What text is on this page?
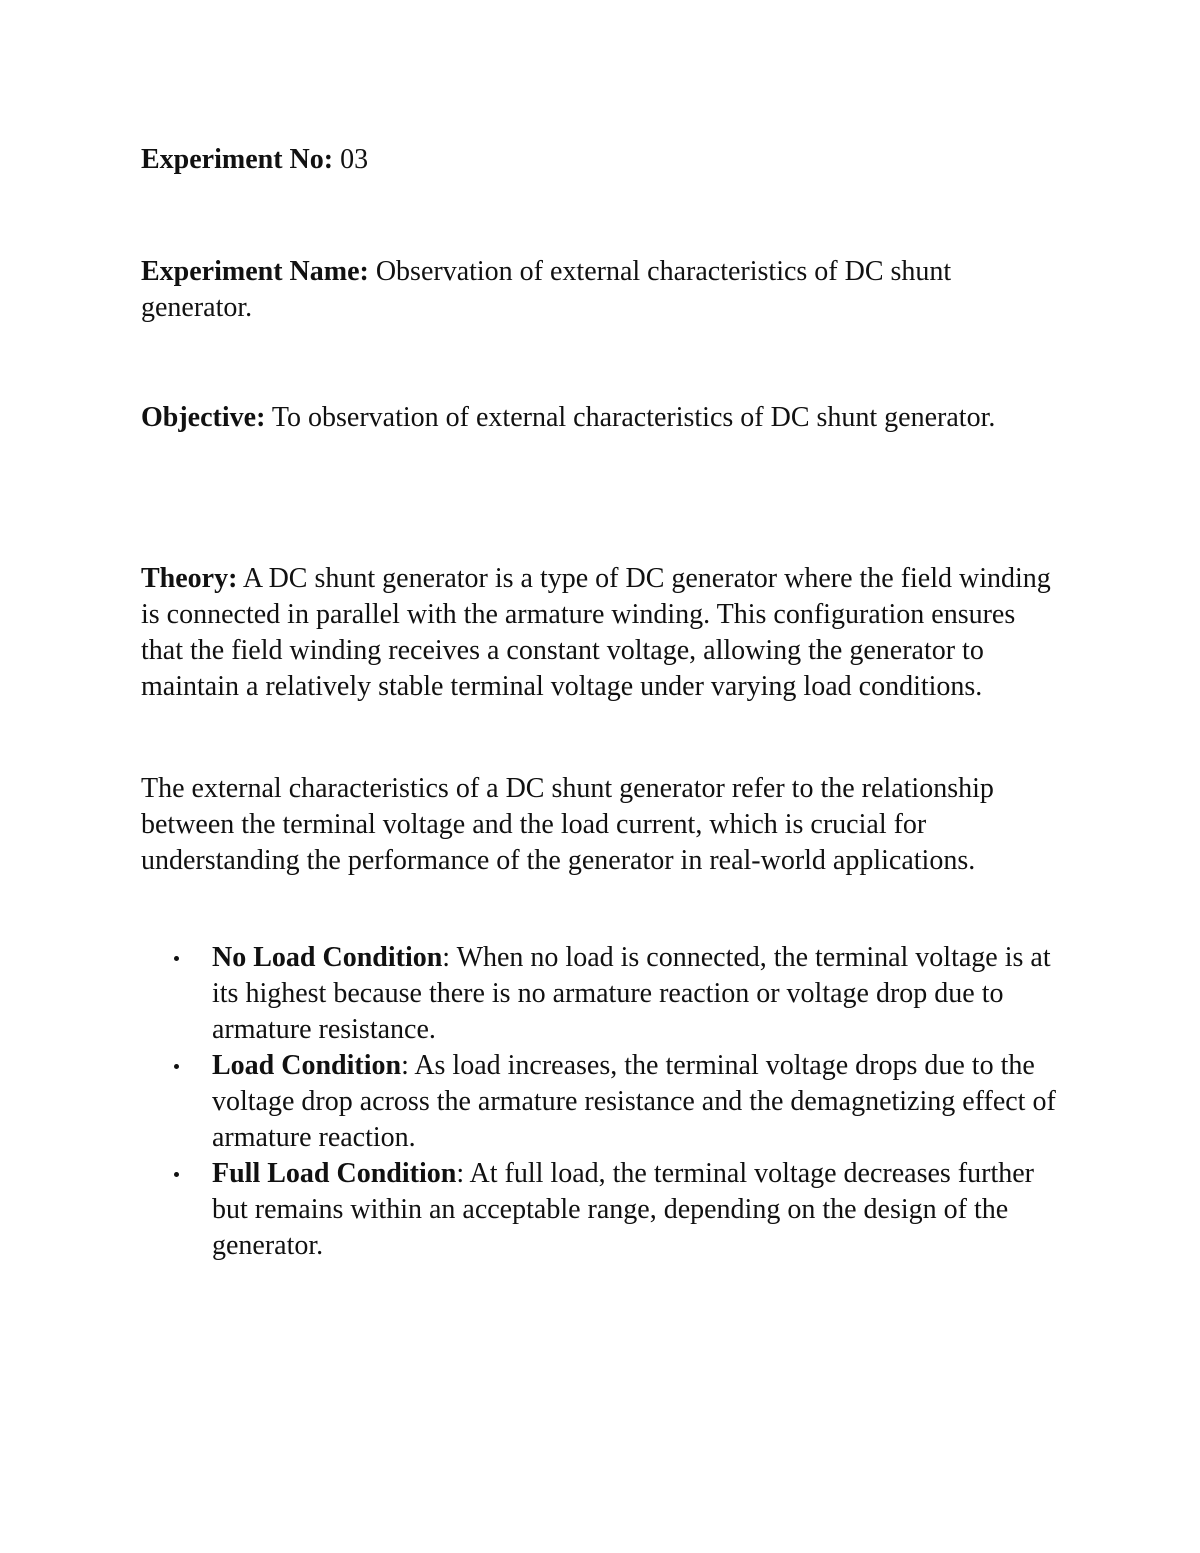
Experiment No: 03
Experiment Name: Observation of external characteristics of DC shunt generator.
Objective: To observation of external characteristics of DC shunt generator.
Theory: A DC shunt generator is a type of DC generator where the field winding is connected in parallel with the armature winding. This configuration ensures that the field winding receives a constant voltage, allowing the generator to maintain a relatively stable terminal voltage under varying load conditions.
The external characteristics of a DC shunt generator refer to the relationship between the terminal voltage and the load current, which is crucial for understanding the performance of the generator in real-world applications.
No Load Condition: When no load is connected, the terminal voltage is at its highest because there is no armature reaction or voltage drop due to armature resistance.
Load Condition: As load increases, the terminal voltage drops due to the voltage drop across the armature resistance and the demagnetizing effect of armature reaction.
Full Load Condition: At full load, the terminal voltage decreases further but remains within an acceptable range, depending on the design of the generator.
